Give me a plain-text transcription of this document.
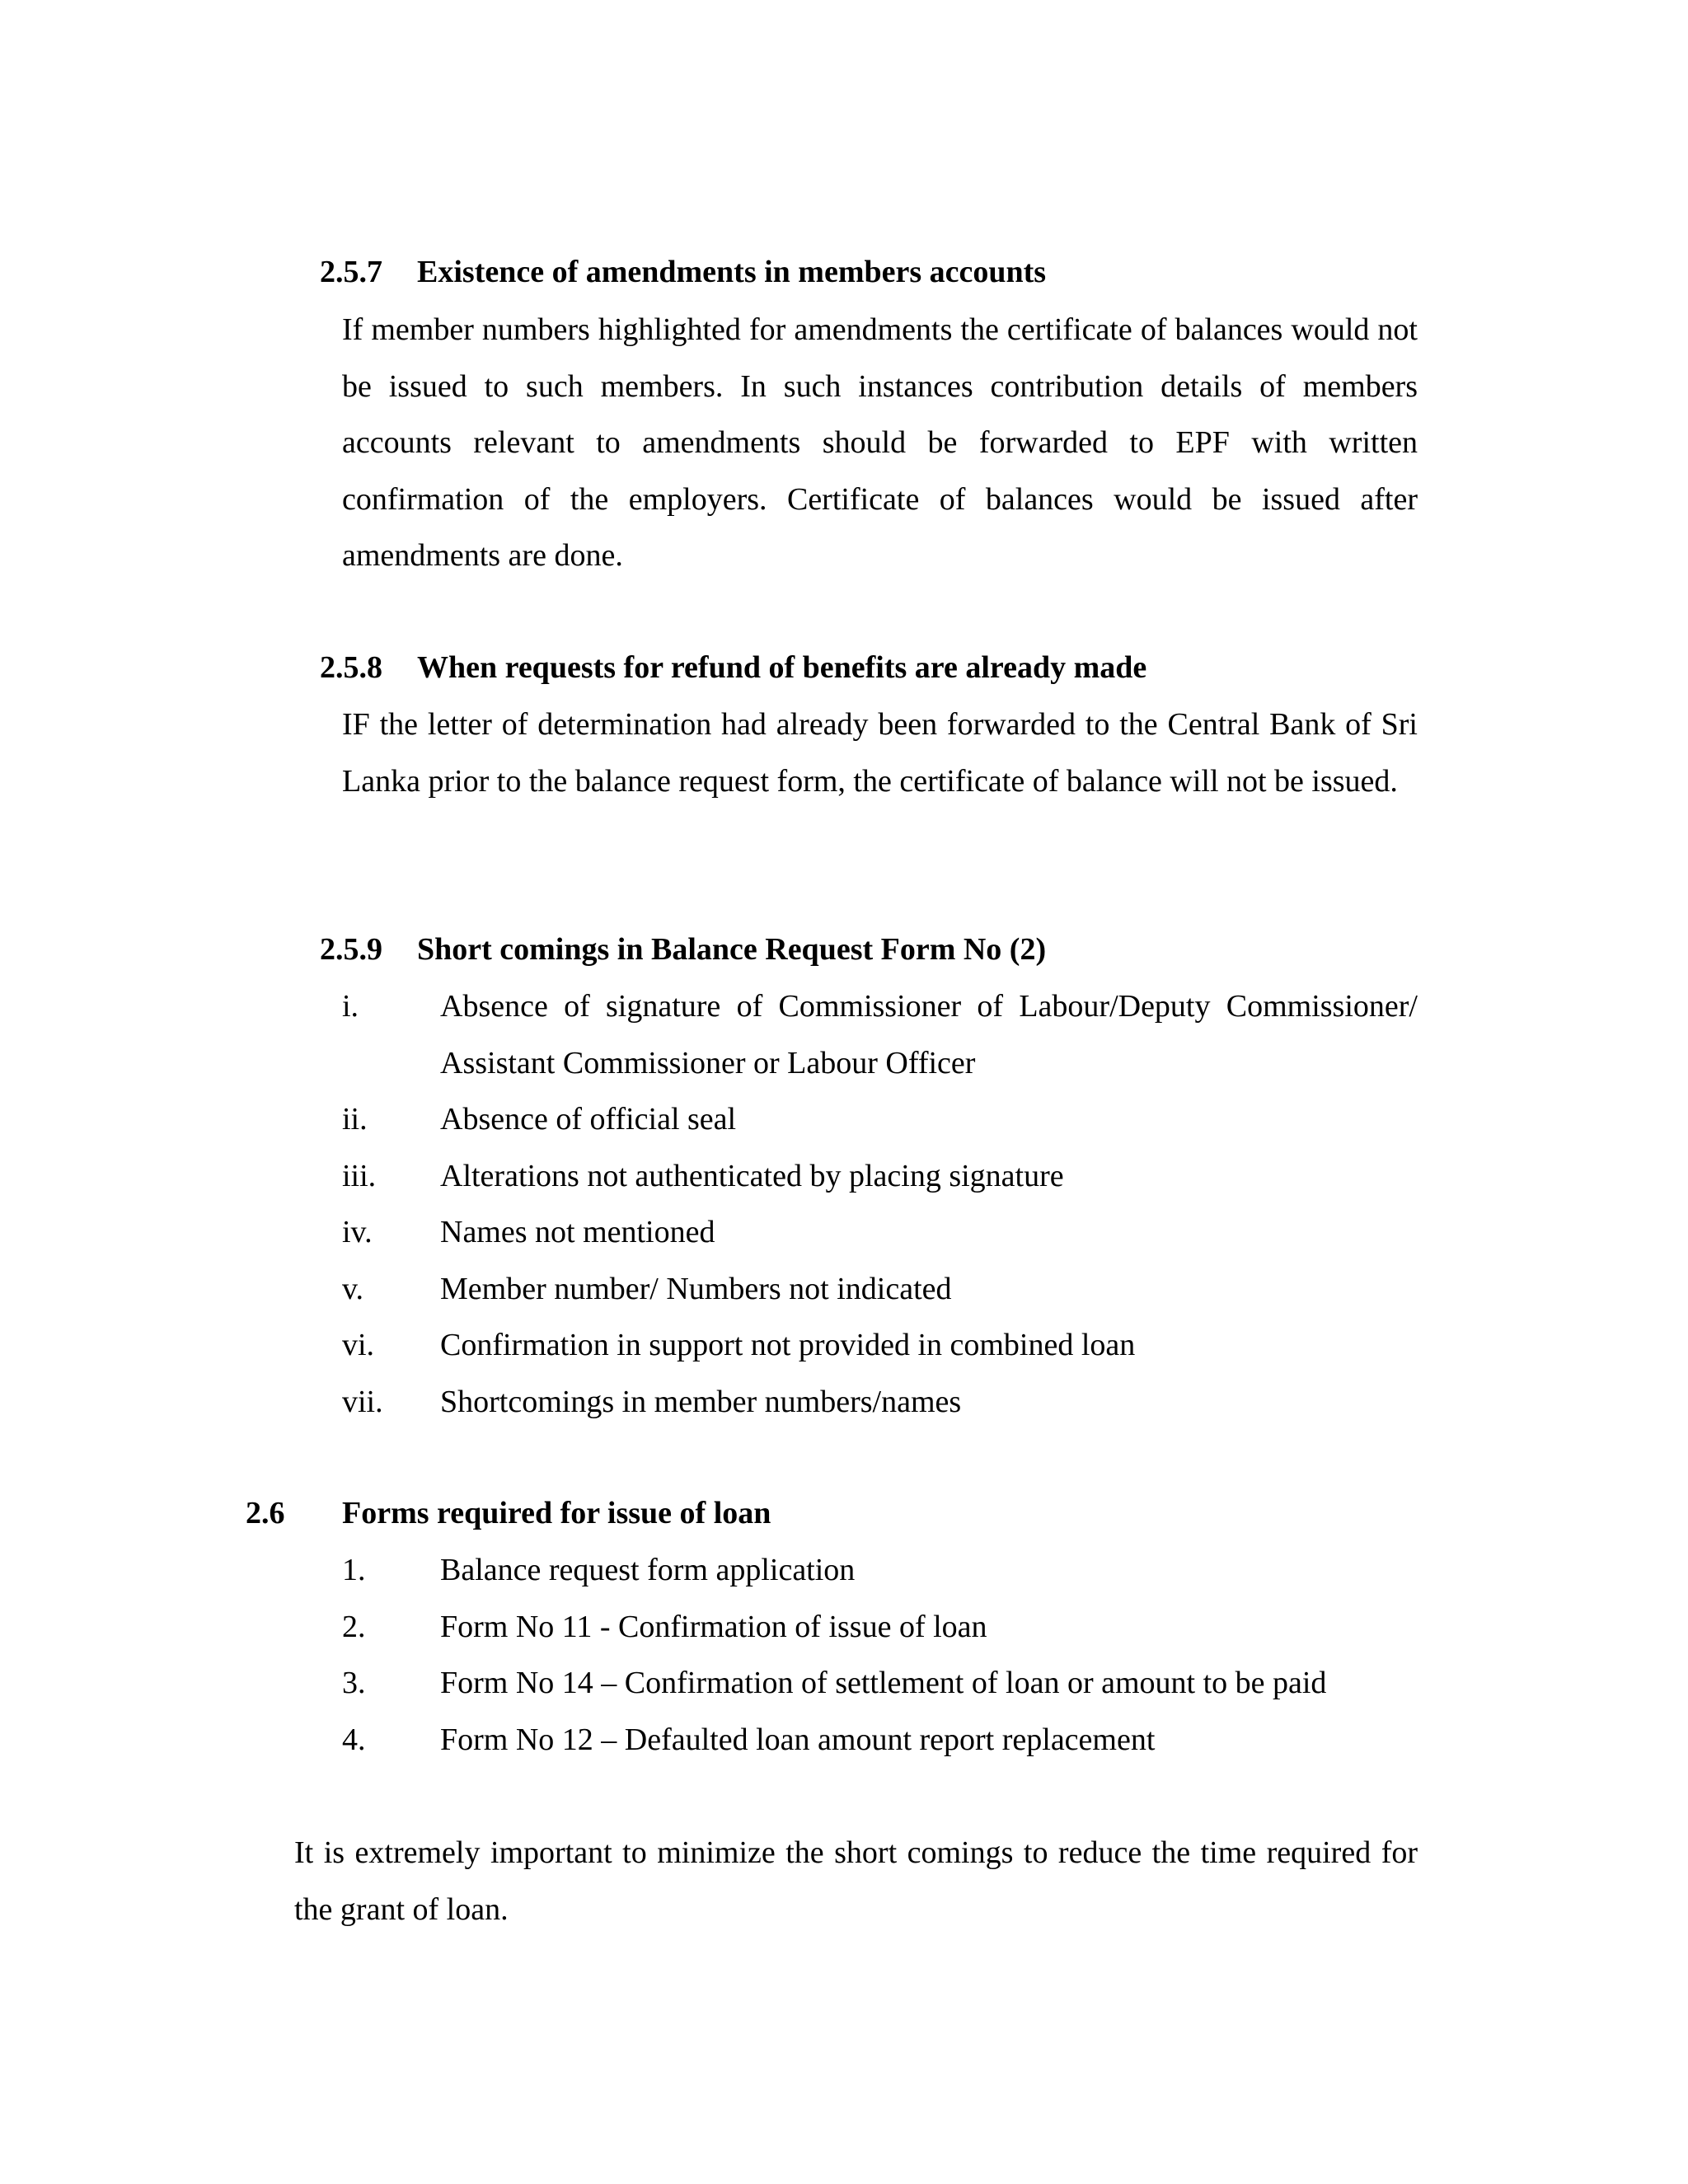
2.5.7 Existence of amendments in members accounts

If member numbers highlighted for amendments the certificate of balances would not be issued to such members. In such instances contribution details of members accounts relevant to amendments should be forwarded to EPF with written confirmation of the employers. Certificate of balances would be issued after amendments are done.

2.5.8 When requests for refund of benefits are already made

IF the letter of determination had already been forwarded to the Central Bank of Sri Lanka prior to the balance request form, the certificate of balance will not be issued.

2.5.9 Short comings in Balance Request Form No (2)
i.	Absence of signature of Commissioner of Labour/Deputy Commissioner/ Assistant Commissioner or Labour Officer
ii. Absence of official seal
iii. Alterations not authenticated by placing signature
iv. Names not mentioned
v. Member number/ Numbers not indicated
vi. Confirmation in support not provided in combined loan
vii. Shortcomings in member numbers/names
2.6 Forms required for issue of loan
1. Balance request form application
2. Form No 11 - Confirmation of issue of loan
3. Form No 14 – Confirmation of settlement of loan or amount to be paid
4. Form No 12 – Defaulted loan amount report replacement

It is extremely important to minimize the short comings to reduce the time required for the grant of loan.
